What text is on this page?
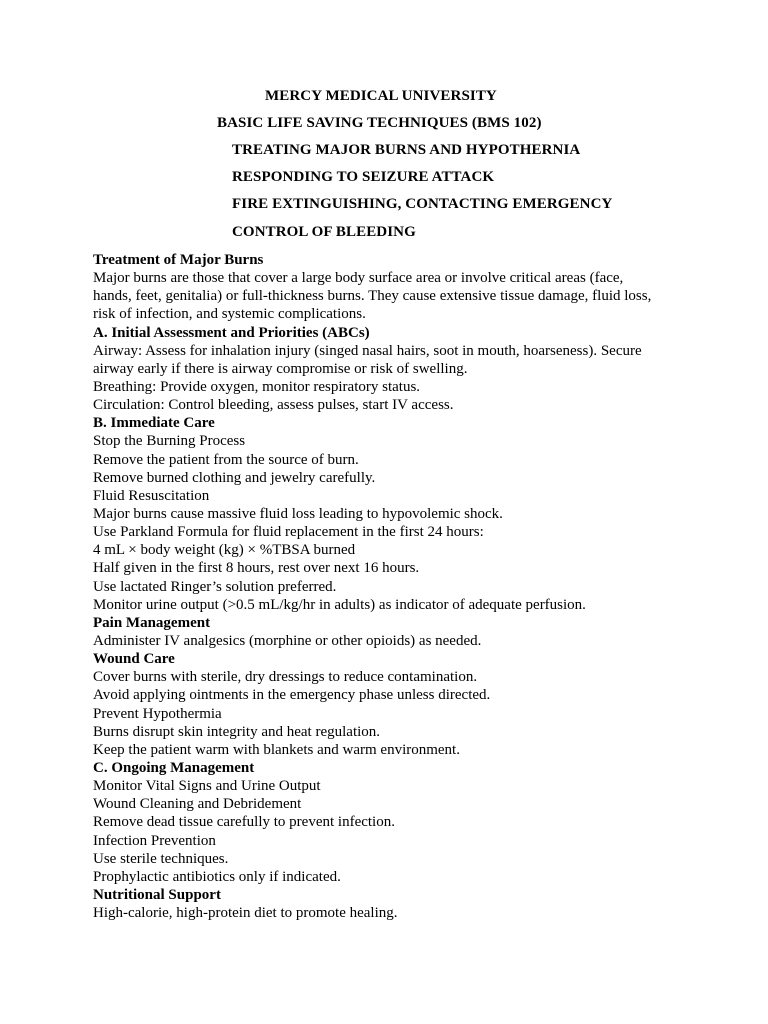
MERCY MEDICAL UNIVERSITY
BASIC LIFE SAVING TECHNIQUES (BMS 102)
TREATING MAJOR BURNS AND HYPOTHERNIA
RESPONDING TO SEIZURE ATTACK
FIRE EXTINGUISHING, CONTACTING EMERGENCY
CONTROL OF BLEEDING
Treatment of Major Burns
Major burns are those that cover a large body surface area or involve critical areas (face,
hands, feet, genitalia) or full-thickness burns. They cause extensive tissue damage, fluid loss,
risk of infection, and systemic complications.
A. Initial Assessment and Priorities (ABCs)
Airway: Assess for inhalation injury (singed nasal hairs, soot in mouth, hoarseness). Secure
airway early if there is airway compromise or risk of swelling.
Breathing: Provide oxygen, monitor respiratory status.
Circulation: Control bleeding, assess pulses, start IV access.
B. Immediate Care
Stop the Burning Process
Remove the patient from the source of burn.
Remove burned clothing and jewelry carefully.
Fluid Resuscitation
Major burns cause massive fluid loss leading to hypovolemic shock.
Use Parkland Formula for fluid replacement in the first 24 hours:
4 mL × body weight (kg) × %TBSA burned
Half given in the first 8 hours, rest over next 16 hours.
Use lactated Ringer’s solution preferred.
Monitor urine output (>0.5 mL/kg/hr in adults) as indicator of adequate perfusion.
Pain Management
Administer IV analgesics (morphine or other opioids) as needed.
Wound Care
Cover burns with sterile, dry dressings to reduce contamination.
Avoid applying ointments in the emergency phase unless directed.
Prevent Hypothermia
Burns disrupt skin integrity and heat regulation.
Keep the patient warm with blankets and warm environment.
C. Ongoing Management
Monitor Vital Signs and Urine Output
Wound Cleaning and Debridement
Remove dead tissue carefully to prevent infection.
Infection Prevention
Use sterile techniques.
Prophylactic antibiotics only if indicated.
Nutritional Support
High-calorie, high-protein diet to promote healing.
